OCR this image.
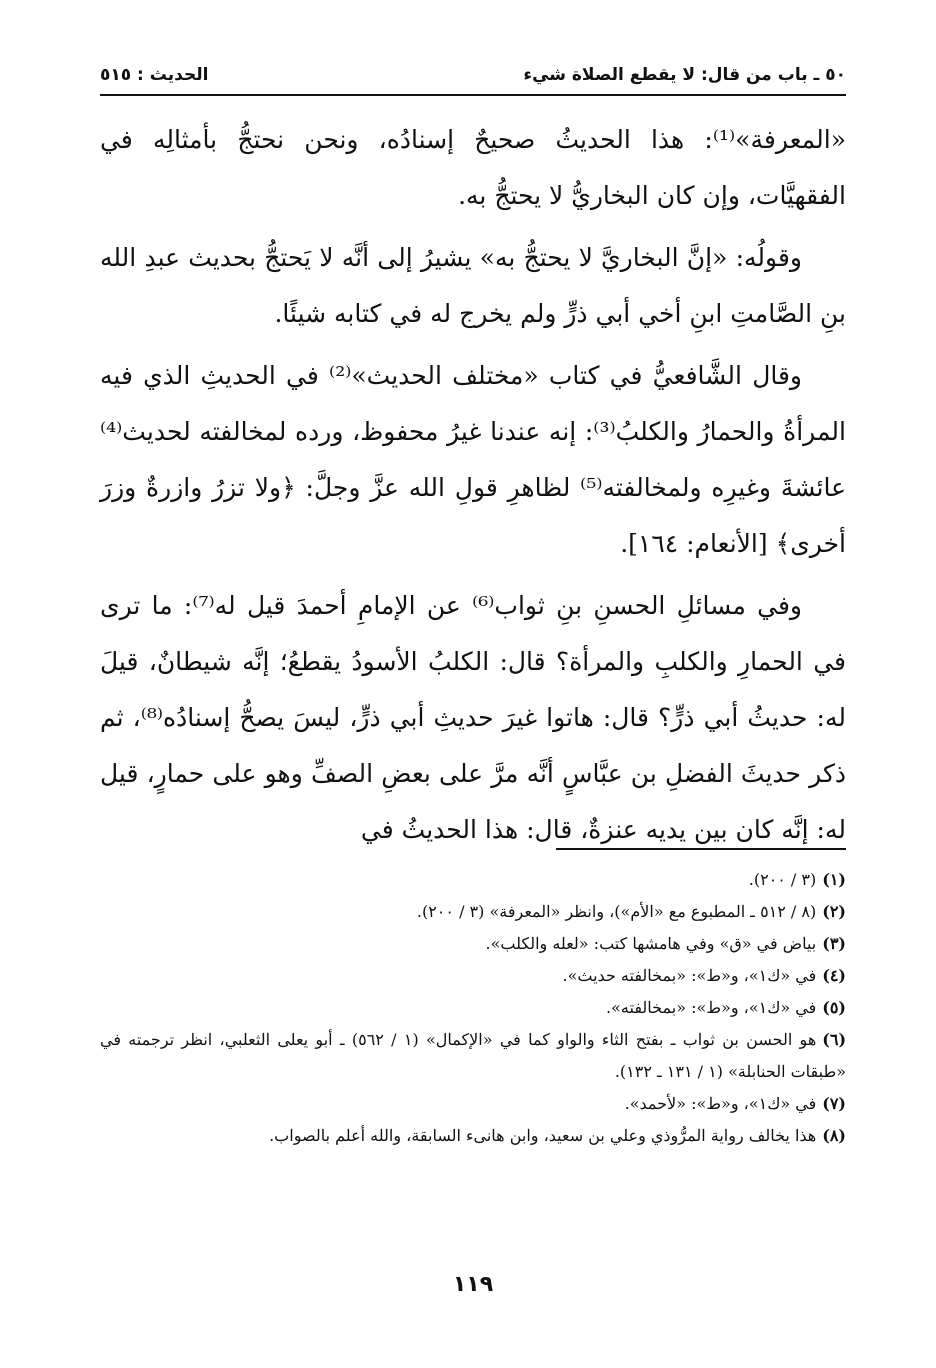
٥٠ ـ باب من قال: لا يقطع الصلاة شيء
الحديث : ٥١٥

«المعرفة»⁽¹⁾: هذا الحديثُ صحيحٌ إسنادُه، ونحن نحتجُّ بأمثالِه في الفقهيَّات، وإن كان البخاريُّ لا يحتجُّ به.

وقولُه: «إنَّ البخاريَّ لا يحتجُّ به» يشيرُ إلى أنَّه لا يَحتجُّ بحديث عبدِ الله بنِ الصَّامتِ ابنِ أخي أبي ذرٍّ ولم يخرج له في كتابه شيئًا.

وقال الشَّافعيُّ في كتاب «مختلف الحديث»⁽²⁾ في الحديثِ الذي فيه المرأةُ والحمارُ والكلبُ⁽³⁾: إنه عندنا غيرُ محفوظ، ورده لمخالفته لحديث⁽⁴⁾ عائشةَ وغيرِه ولمخالفته⁽⁵⁾ لظاهرِ قولِ الله عزَّ وجلَّ: ﴿ولا تزرُ وازرةٌ وزرَ أخرى﴾ [الأنعام: ١٦٤].

وفي مسائلِ الحسنِ بنِ ثواب⁽⁶⁾ عن الإمامِ أحمدَ قيل له⁽⁷⁾: ما ترى في الحمارِ والكلبِ والمرأة؟ قال: الكلبُ الأسودُ يقطعُ؛ إنَّه شيطانٌ، قيلَ له: حديثُ أبي ذرٍّ؟ قال: هاتوا غيرَ حديثِ أبي ذرٍّ، ليسَ يصحُّ إسنادُه⁽⁸⁾، ثم ذكر حديثَ الفضلِ بن عبَّاسٍ أنَّه مرَّ على بعضِ الصفِّ وهو على حمارٍ، قيل له: إنَّه كان بين يديه عنزةٌ، قال: هذا الحديثُ في

(١)(٣ / ٢٠٠).

(٢)(٨ / ٥١٢ ـ المطبوع مع «الأم»)، وانظر «المعرفة» (٣ / ٢٠٠).

(٣)بياض في «ق» وفي هامشها كتب: «لعله والكلب».

(٤)في «ك١»، و«ط»: «بمخالفته حديث».

(٥)في «ك١»، و«ط»: «بمخالفته».

(٦)هو الحسن بن ثواب ـ بفتح الثاء والواو كما في «الإكمال» (١ / ٥٦٢) ـ أبو يعلى الثعلبي، انظر ترجمته في «طبقات الحنابلة» (١ / ١٣١ ـ ١٣٢).

(٧)في «ك١»، و«ط»: «لأحمد».

(٨)هذا يخالف رواية المرُّوذي وعلي بن سعيد، وابن هانىء السابقة، والله أعلم بالصواب.

١١٩
